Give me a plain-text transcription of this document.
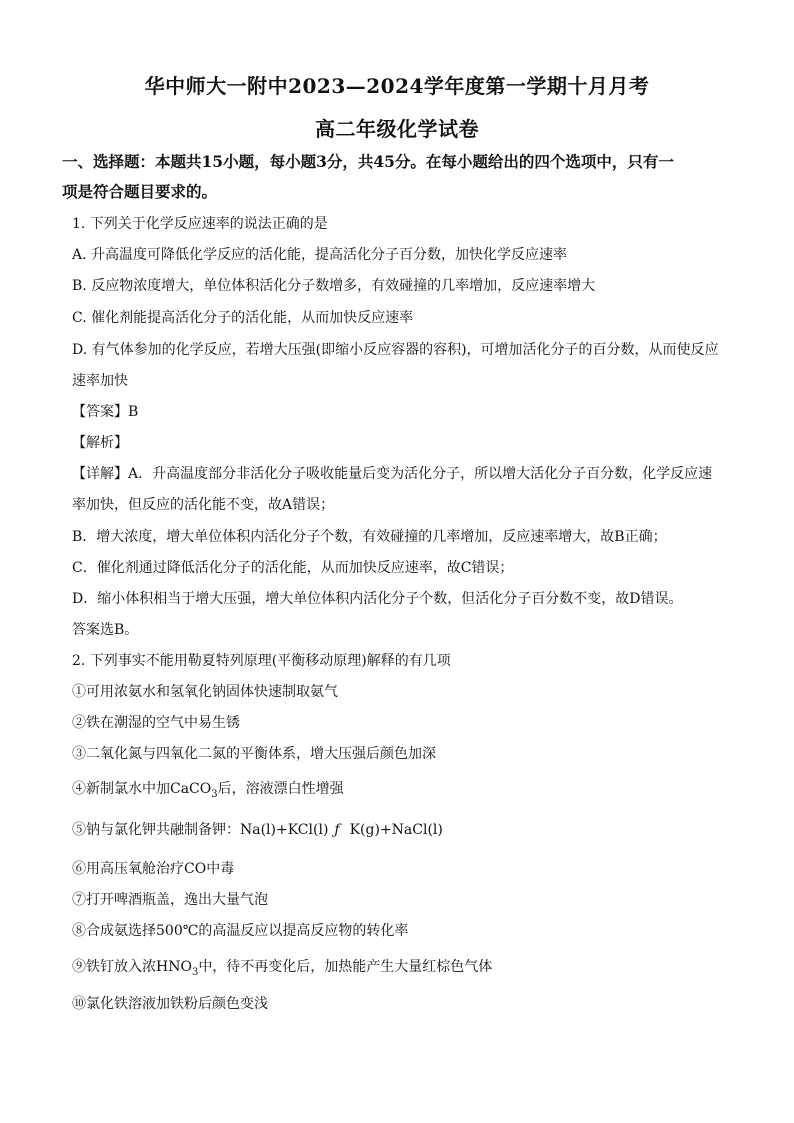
华中师大一附中2023—2024学年度第一学期十月月考
高二年级化学试卷
一、选择题：本题共15小题，每小题3分，共45分。在每小题给出的四个选项中，只有一
项是符合题目要求的。
1. 下列关于化学反应速率的说法正确的是
A. 升高温度可降低化学反应的活化能，提高活化分子百分数，加快化学反应速率
B. 反应物浓度增大，单位体积活化分子数增多，有效碰撞的几率增加，反应速率增大
C. 催化剂能提高活化分子的活化能，从而加快反应速率
D. 有气体参加的化学反应，若增大压强(即缩小反应容器的容积)，可增加活化分子的百分数，从而使反应
速率加快
【答案】B
【解析】
【详解】A．升高温度部分非活化分子吸收能量后变为活化分子，所以增大活化分子百分数，化学反应速
率加快，但反应的活化能不变，故A错误；
B．增大浓度，增大单位体积内活化分子个数，有效碰撞的几率增加，反应速率增大，故B正确；
C．催化剂通过降低活化分子的活化能，从而加快反应速率，故C错误；
D．缩小体积相当于增大压强，增大单位体积内活化分子个数，但活化分子百分数不变，故D错误。
答案选B。
2. 下列事实不能用勒夏特列原理(平衡移动原理)解释的有几项
①可用浓氨水和氢氧化钠固体快速制取氨气
②铁在潮湿的空气中易生锈
③二氧化氮与四氧化二氮的平衡体系，增大压强后颜色加深
④新制氯水中加CaCO$_3$后，溶液漂白性增强
⑤钠与氯化钾共融制备钾：Na(l)+KCl(l) ƒ K(g)+NaCl(l)
⑥用高压氧舱治疗CO中毒
⑦打开啤酒瓶盖，逸出大量气泡
⑧合成氨选择500℃的高温反应以提高反应物的转化率
⑨铁钉放入浓$HNO_3$中，待不再变化后，加热能产生大量红棕色气体
⑩氯化铁溶液加铁粉后颜色变浅
